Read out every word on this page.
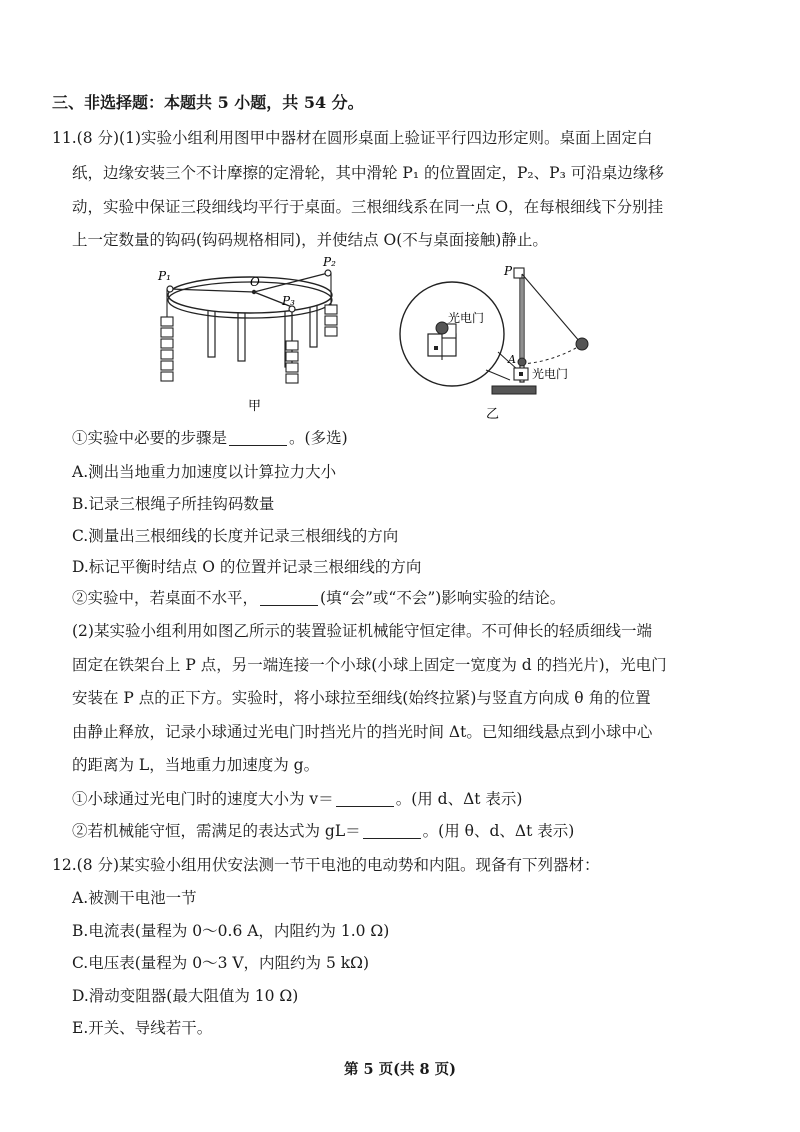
三、非选择题：本题共 5 小题，共 54 分。
11.(8 分)(1)实验小组利用图甲中器材在圆形桌面上验证平行四边形定则。桌面上固定白
纸，边缘安装三个不计摩擦的定滑轮，其中滑轮 P₁ 的位置固定，P₂、P₃ 可沿桌边缘移
动，实验中保证三段细线均平行于桌面。三根细线系在同一点 O，在每根细线下分别挂
上一定数量的钩码(钩码规格相同)，并使结点 O(不与桌面接触)静止。
P₁
P₂
P₃
O
甲
光电门
P
A
光电门
乙
①实验中必要的步骤是	。(多选)
A.测出当地重力加速度以计算拉力大小
B.记录三根绳子所挂钩码数量
C.测量出三根细线的长度并记录三根细线的方向
D.标记平衡时结点 O 的位置并记录三根细线的方向
②实验中，若桌面不水平，	(填“会”或“不会”)影响实验的结论。
(2)某实验小组利用如图乙所示的装置验证机械能守恒定律。不可伸长的轻质细线一端
固定在铁架台上 P 点，另一端连接一个小球(小球上固定一宽度为 d 的挡光片)，光电门
安装在 P 点的正下方。实验时，将小球拉至细线(始终拉紧)与竖直方向成 θ 角的位置
由静止释放，记录小球通过光电门时挡光片的挡光时间 Δt。已知细线悬点到小球中心
的距离为 L，当地重力加速度为 g。
①小球通过光电门时的速度大小为 v＝	。(用 d、Δt 表示)
②若机械能守恒，需满足的表达式为 gL＝	。(用 θ、d、Δt 表示)
12.(8 分)某实验小组用伏安法测一节干电池的电动势和内阻。现备有下列器材：
A.被测干电池一节
B.电流表(量程为 0～0.6 A，内阻约为 1.0 Ω)
C.电压表(量程为 0～3 V，内阻约为 5 kΩ)
D.滑动变阻器(最大阻值为 10 Ω)
E.开关、导线若干。
第 5 页(共 8 页)
